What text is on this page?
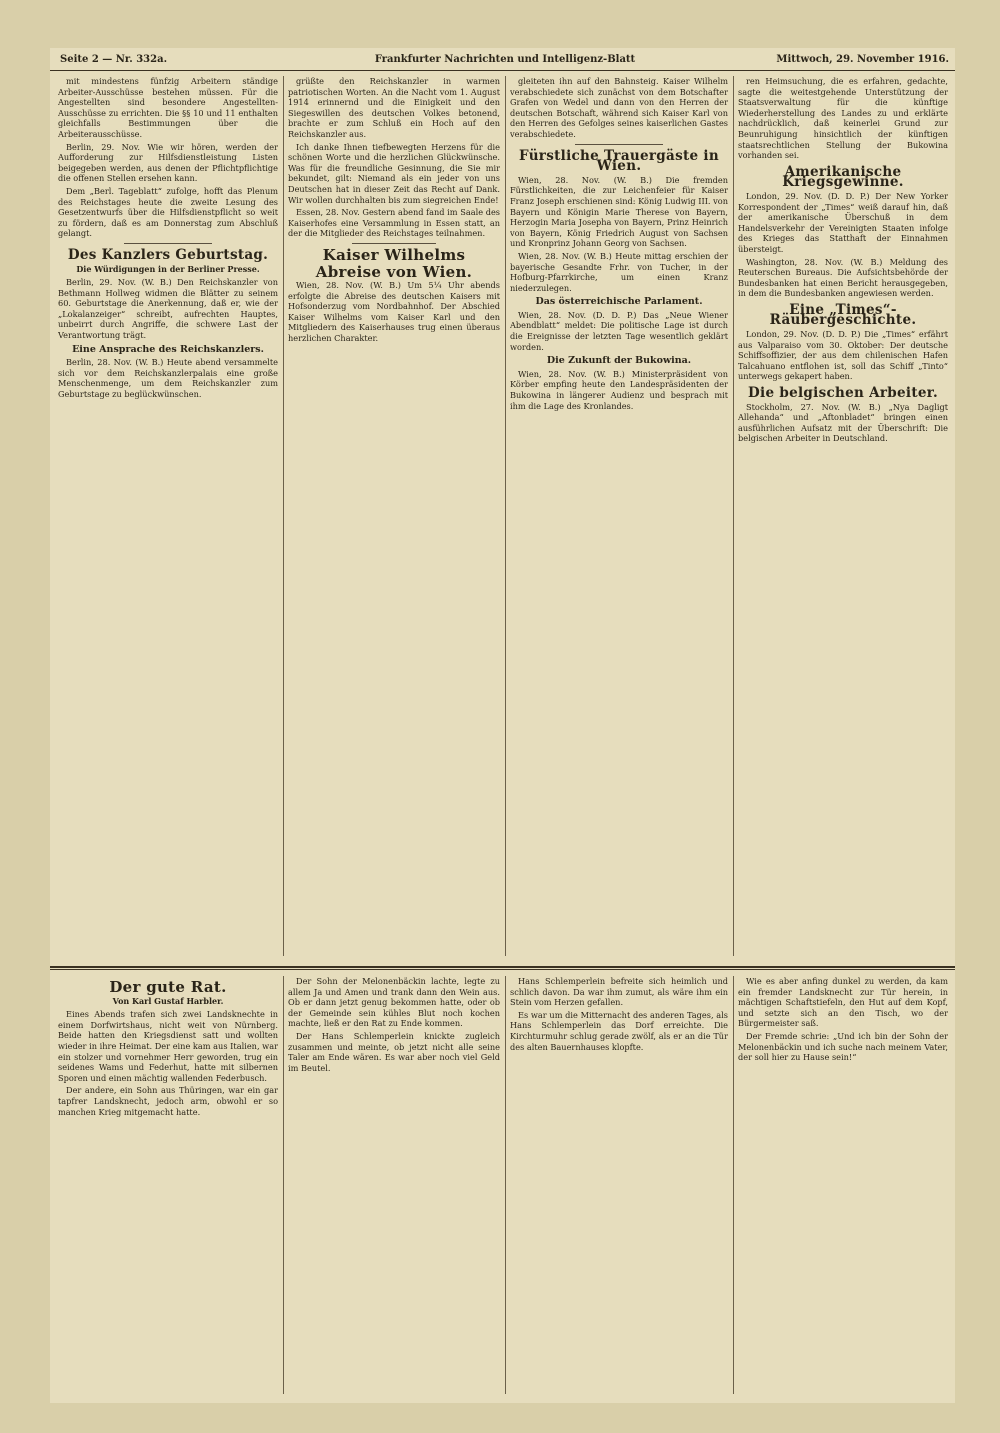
Seite 2 — Nr. 332a.	Frankfurter Nachrichten und Intelligenz-Blatt	Mittwoch, 29. November 1916.

mit mindestens fünfzig Arbeitern ständige Arbeiter-Ausschüsse bestehen müssen. Für die Angestellten sind besondere Angestellten-Ausschüsse zu errichten. Die §§ 10 und 11 enthalten gleichfalls Bestimmungen über die Arbeiterausschüsse.

Berlin, 29. Nov. Wie wir hören, werden der Aufforderung zur Hilfsdienstleistung Listen beigegeben werden, aus denen der Pflichtpflichtige die offenen Stellen ersehen kann.

Dem „Berl. Tageblatt“ zufolge, hofft das Plenum des Reichstages heute die zweite Lesung des Gesetzentwurfs über die Hilfsdienstpflicht so weit zu fördern, daß es am Donnerstag zum Abschluß gelangt.

Des Kanzlers Geburtstag.
Die Würdigungen in der Berliner Presse.

Berlin, 29. Nov. (W. B.) Den Reichskanzler von Bethmann Hollweg widmen die Blätter zu seinem 60. Geburtstage die Anerkennung, daß er, wie der „Lokalanzeiger“ schreibt, aufrechten Hauptes, unbeirrt durch Angriffe, die schwere Last der Verantwortung trägt.

Eine Ansprache des Reichskanzlers.

Berlin, 28. Nov. (W. B.) Heute abend versammelte sich vor dem Reichskanzlerpalais eine große Menschenmenge, um dem Reichskanzler zum Geburtstage zu beglückwünschen.

grüßte den Reichskanzler in warmen patriotischen Worten. An die Nacht vom 1. August 1914 erinnernd und die Einigkeit und den Siegeswillen des deutschen Volkes betonend, brachte er zum Schluß ein Hoch auf den Reichskanzler aus.

Ich danke Ihnen tiefbewegten Herzens für die schönen Worte und die herzlichen Glückwünsche. Was für die freundliche Gesinnung, die Sie mir bekundet, gilt: Niemand als ein jeder von uns Deutschen hat in dieser Zeit das Recht auf Dank. Wir wollen durchhalten bis zum siegreichen Ende!

Essen, 28. Nov. Gestern abend fand im Saale des Kaiserhofes eine Versammlung in Essen statt, an der die Mitglieder des Reichstages teilnahmen.

Kaiser Wilhelms
Abreise von Wien.

Wien, 28. Nov. (W. B.) Um 5¼ Uhr abends erfolgte die Abreise des deutschen Kaisers mit Hofsonderzug vom Nordbahnhof. Der Abschied Kaiser Wilhelms vom Kaiser Karl und den Mitgliedern des Kaiserhauses trug einen überaus herzlichen Charakter.

gleiteten ihn auf den Bahnsteig. Kaiser Wilhelm verabschiedete sich zunächst von dem Botschafter Grafen von Wedel und dann von den Herren der deutschen Botschaft, während sich Kaiser Karl von den Herren des Gefolges seines kaiserlichen Gastes verabschiedete.

Fürstliche Trauergäste in Wien.

Wien, 28. Nov. (W. B.) Die fremden Fürstlichkeiten, die zur Leichenfeier für Kaiser Franz Joseph erschienen sind: König Ludwig III. von Bayern und Königin Marie Therese von Bayern, Herzogin Maria Josepha von Bayern, Prinz Heinrich von Bayern, König Friedrich August von Sachsen und Kronprinz Johann Georg von Sachsen.

Wien, 28. Nov. (W. B.) Heute mittag erschien der bayerische Gesandte Frhr. von Tucher, in der Hofburg-Pfarrkirche, um einen Kranz niederzulegen.

Das österreichische Parlament.

Wien, 28. Nov. (D. D. P.) Das „Neue Wiener Abendblatt“ meldet: Die politische Lage ist durch die Ereignisse der letzten Tage wesentlich geklärt worden.

Die Zukunft der Bukowina.

Wien, 28. Nov. (W. B.) Ministerpräsident von Körber empfing heute den Landespräsidenten der Bukowina in längerer Audienz und besprach mit ihm die Lage des Kronlandes.

ren Heimsuchung, die es erfahren, gedachte, sagte die weitestgehende Unterstützung der Staatsverwaltung für die künftige Wiederherstellung des Landes zu und erklärte nachdrücklich, daß keinerlei Grund zur Beunruhigung hinsichtlich der künftigen staatsrechtlichen Stellung der Bukowina vorhanden sei.

Amerikanische Kriegsgewinne.

London, 29. Nov. (D. D. P.) Der New Yorker Korrespondent der „Times“ weiß darauf hin, daß der amerikanische Überschuß in dem Handelsverkehr der Vereinigten Staaten infolge des Krieges das Statthaft der Einnahmen übersteigt.

Washington, 28. Nov. (W. B.) Meldung des Reuterschen Bureaus. Die Aufsichtsbehörde der Bundesbanken hat einen Bericht herausgegeben, in dem die Bundesbanken angewiesen werden.

Eine „Times“-Räubergeschichte.

London, 29. Nov. (D. D. P.) Die „Times“ erfährt aus Valparaiso vom 30. Oktober: Der deutsche Schiffsoffizier, der aus dem chilenischen Hafen Talcahuano entflohen ist, soll das Schiff „Tinto“ unterwegs gekapert haben.

Die belgischen Arbeiter.

Stockholm, 27. Nov. (W. B.) „Nya Dagligt Allehanda“ und „Aftonbladet“ bringen einen ausführlichen Aufsatz mit der Überschrift: Die belgischen Arbeiter in Deutschland.

Der gute Rat.
Von Karl Gustaf Harbler.

Eines Abends trafen sich zwei Landsknechte in einem Dorfwirtshaus, nicht weit von Nürnberg. Beide hatten den Kriegsdienst satt und wollten wieder in ihre Heimat. Der eine kam aus Italien, war ein stolzer und vornehmer Herr geworden, trug ein seidenes Wams und Federhut, hatte mit silbernen Sporen und einen mächtig wallenden Federbusch.

Der andere, ein Sohn aus Thüringen, war ein gar tapfrer Landsknecht, jedoch arm, obwohl er so manchen Krieg mitgemacht hatte.

Der Sohn der Melonenbäckin lachte, legte zu allem Ja und Amen und trank dann den Wein aus. Ob er dann jetzt genug bekommen hatte, oder ob der Gemeinde sein kühles Blut noch kochen machte, ließ er den Rat zu Ende kommen.

Der Hans Schlemperlein knickte zugleich zusammen und meinte, ob jetzt nicht alle seine Taler am Ende wären. Es war aber noch viel Geld im Beutel.

Hans Schlemperlein befreite sich heimlich und schlich davon. Da war ihm zumut, als wäre ihm ein Stein vom Herzen gefallen.

Es war um die Mitternacht des anderen Tages, als Hans Schlemperlein das Dorf erreichte. Die Kirchturmuhr schlug gerade zwölf, als er an die Tür des alten Bauernhauses klopfte.

Wie es aber anfing dunkel zu werden, da kam ein fremder Landsknecht zur Tür herein, in mächtigen Schaftstiefeln, den Hut auf dem Kopf, und setzte sich an den Tisch, wo der Bürgermeister saß.

Der Fremde schrie: „Und ich bin der Sohn der Melonenbäckin und ich suche nach meinem Vater, der soll hier zu Hause sein!“
